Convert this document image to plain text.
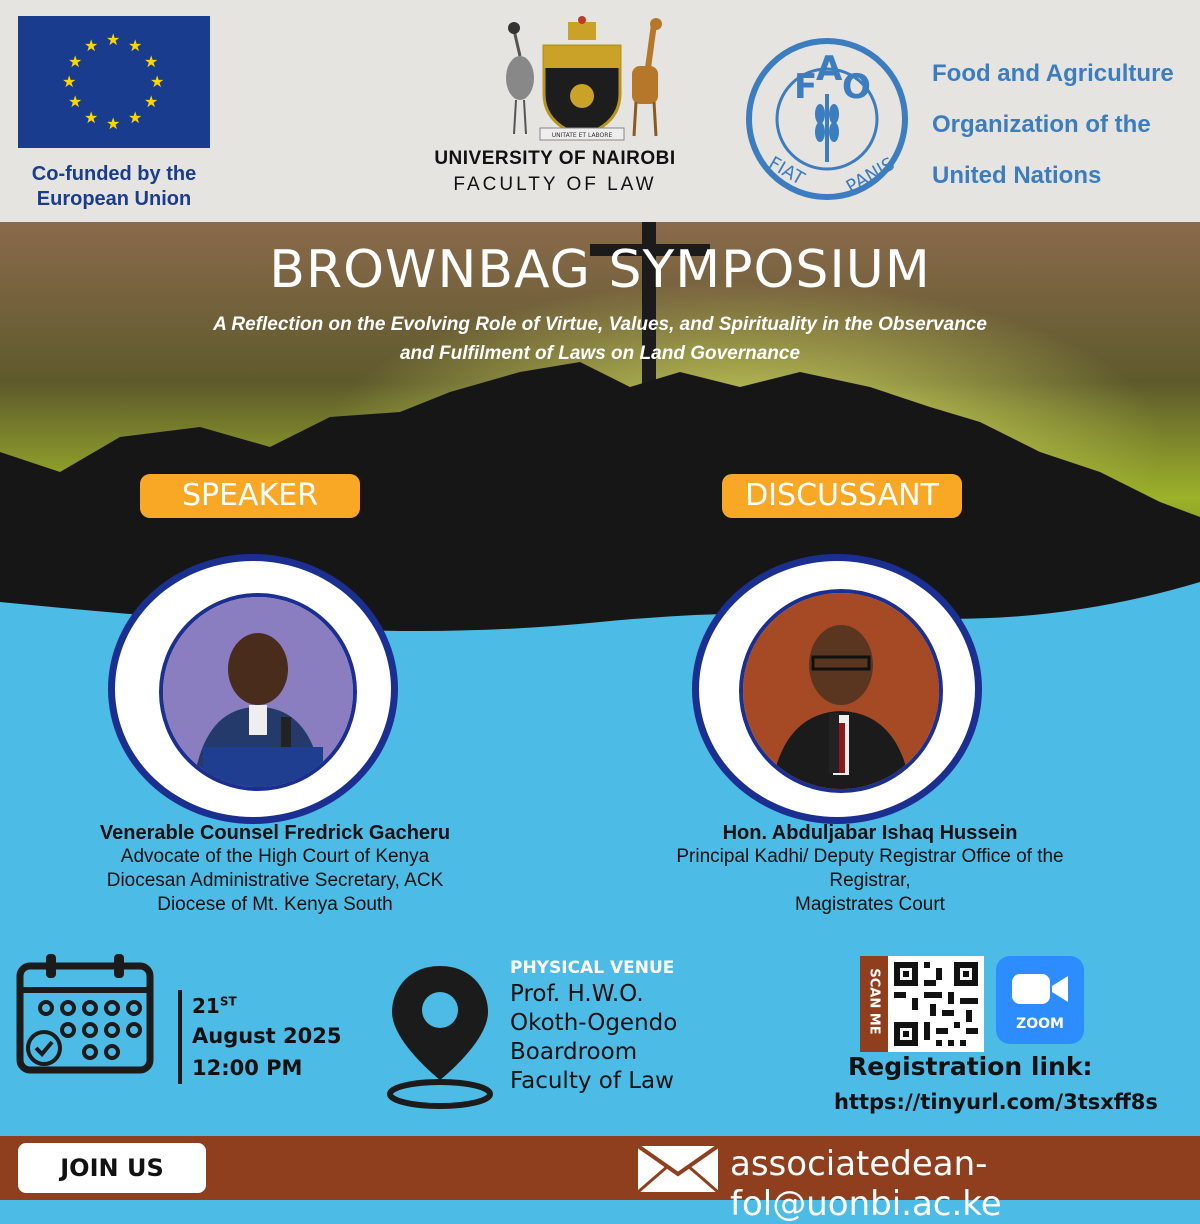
★ ★
★
★
★
★
★
★
★
★
★
★
Co-funded by the
European Union
UNITATE ET LABORE
UNIVERSITY OF NAIROBI
FACULTY OF LAW
F
A O
FIAT PANIS
Food and Agriculture
Organization of the
United Nations
BROWNBAG SYMPOSIUM
A Reflection on the Evolving Role of Virtue, Values, and Spirituality in the Observance
and Fulfilment of Laws on Land Governance
SPEAKER	DISCUSSANT
Venerable Counsel Fredrick Gacheru
Advocate of the High Court of Kenya
Diocesan Administrative Secretary, ACK
Diocese of Mt. Kenya South
Hon. Abduljabar Ishaq Hussein
Principal Kadhi/ Deputy Registrar Office of the
Registrar,
Magistrates Court
21ST
August 2025
12:00 PM
PHYSICAL VENUE
Prof. H.W.O.
Okoth-Ogendo
Boardroom
Faculty of Law
SCAN ME	ZOOM
Registration link:
https://tinyurl.com/3tsxff8s
JOIN US	associatedean-fol@uonbi.ac.ke
